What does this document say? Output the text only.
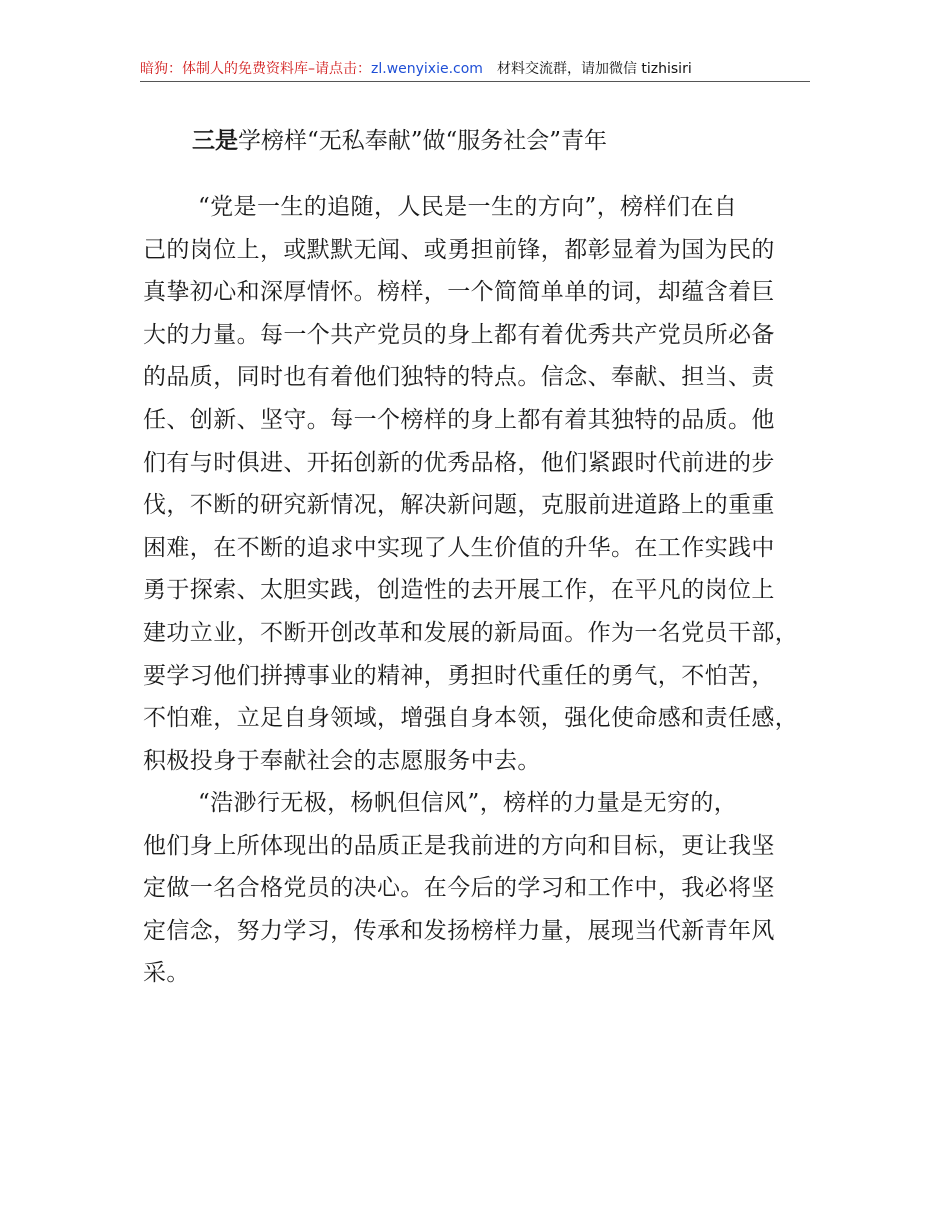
暗狗：体制人的免费资料库–请点击：zl.wenyixie.com 材料交流群，请加微信 tizhisiri
三是学榜样“无私奉献”做“服务社会”青年
“党是一生的追随，人民是一生的方向”，榜样们在自
己的岗位上，或默默无闻、或勇担前锋，都彰显着为国为民的
真挚初心和深厚情怀。榜样，一个简简单单的词，却蕴含着巨
大的力量。每一个共产党员的身上都有着优秀共产党员所必备
的品质，同时也有着他们独特的特点。信念、奉献、担当、责
任、创新、坚守。每一个榜样的身上都有着其独特的品质。他
们有与时俱进、开拓创新的优秀品格，他们紧跟时代前进的步
伐，不断的研究新情况，解决新问题，克服前进道路上的重重
困难，在不断的追求中实现了人生价值的升华。在工作实践中
勇于探索、太胆实践，创造性的去开展工作，在平凡的岗位上
建功立业，不断开创改革和发展的新局面。作为一名党员干部，
要学习他们拼搏事业的精神，勇担时代重任的勇气，不怕苦，
不怕难，立足自身领域，增强自身本领，强化使命感和责任感，
积极投身于奉献社会的志愿服务中去。
“浩渺行无极，杨帆但信风”，榜样的力量是无穷的，
他们身上所体现出的品质正是我前进的方向和目标，更让我坚
定做一名合格党员的决心。在今后的学习和工作中，我必将坚
定信念，努力学习，传承和发扬榜样力量，展现当代新青年风
采。
